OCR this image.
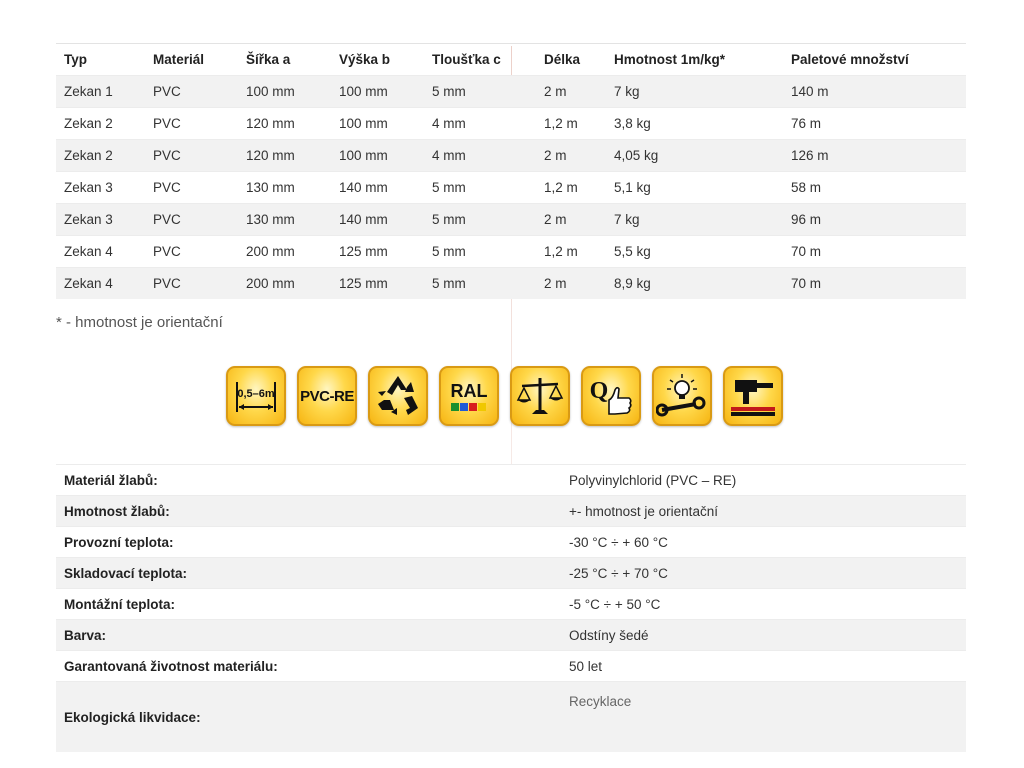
Typ	Materiál	Šířka a	Výška b	Tloušťka c	Délka	Hmotnost 1m/kg*	Paletové množství
Zekan 1	PVC	100 mm	100 mm	5 mm	2 m	7 kg	140 m
Zekan 2	PVC	120 mm	100 mm	4 mm	1,2 m	3,8 kg	76 m
Zekan 2	PVC	120 mm	100 mm	4 mm	2 m	4,05 kg	126 m
Zekan 3	PVC	130 mm	140 mm	5 mm	1,2 m	5,1 kg	58 m
Zekan 3	PVC	130 mm	140 mm	5 mm	2 m	7 kg	96 m
Zekan 4	PVC	200 mm	125 mm	5 mm	1,2 m	5,5 kg	70 m
Zekan 4	PVC	200 mm	125 mm	5 mm	2 m	8,9 kg	70 m
* - hmotnost je orientační
0,5–6m PVC-RE	RAL	Q
Materiál žlabů:	Polyvinylchlorid (PVC – RE)
Hmotnost žlabů:	+- hmotnost je orientační
Provozní teplota:	-30 °C ÷ + 60 °C
Skladovací teplota:	-25 °C ÷ + 70 °C
Montážní teplota:	-5 °C ÷ + 50 °C
Barva:	Odstíny šedé
Garantovaná životnost materiálu:	50 let
Ekologická likvidace:	Recyklace
